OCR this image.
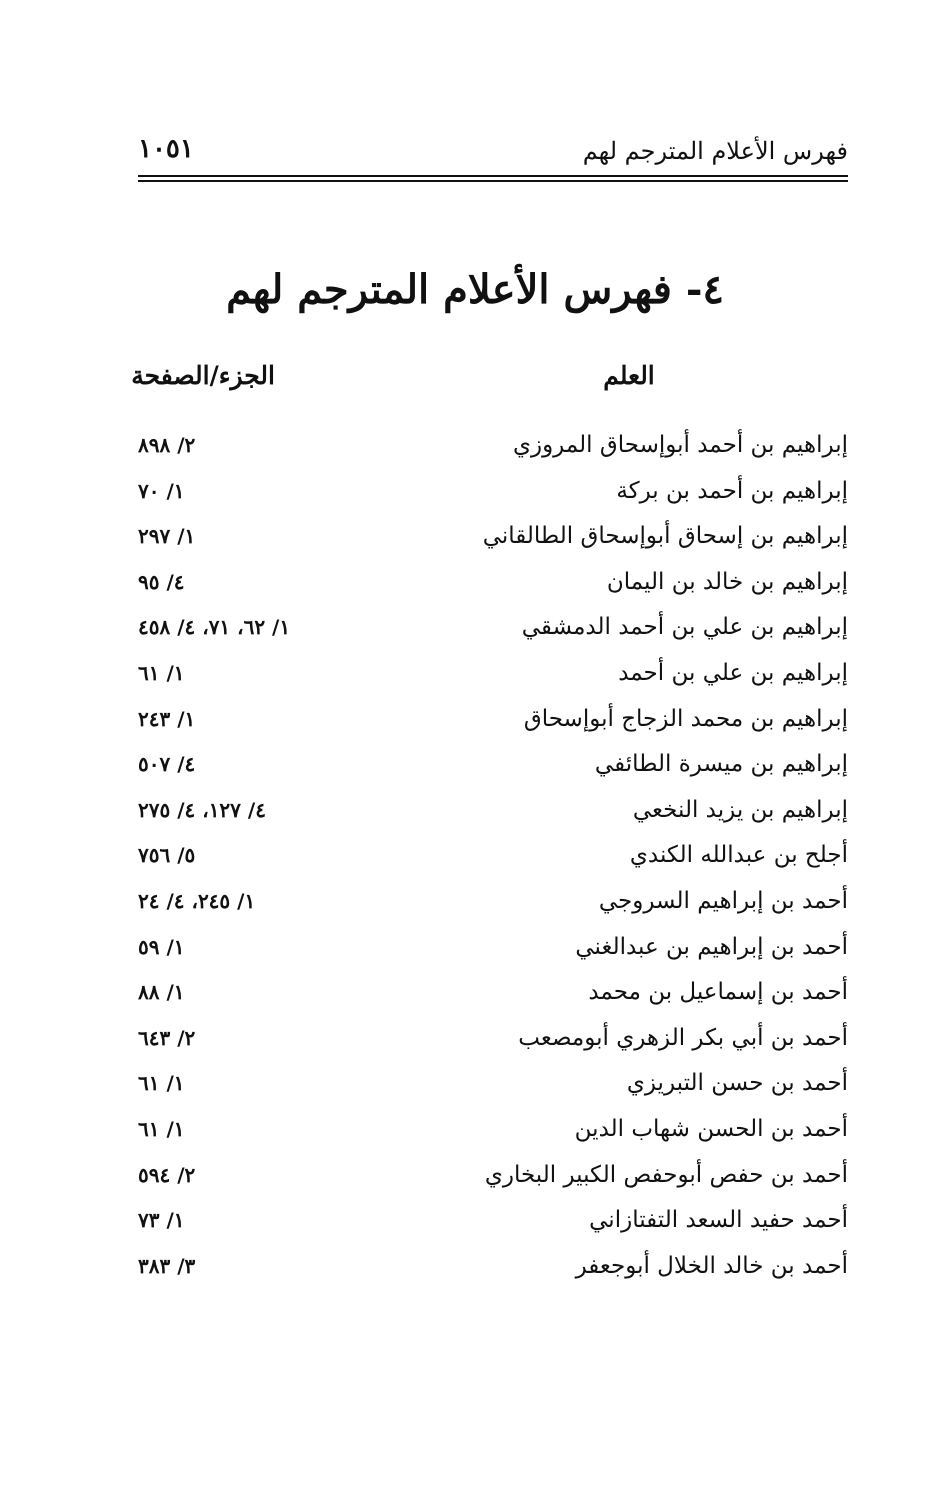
فهرس الأعلام المترجم لهم
١٠٥١
٤- فهرس الأعلام المترجم لهم
العلم
الجزء/الصفحة
إبراهيم بن أحمد أبوإسحاق المروزي
٢/ ٨٩٨
إبراهيم بن أحمد بن بركة
١/ ٧٠
إبراهيم بن إسحاق أبوإسحاق الطالقاني
١/ ٢٩٧
إبراهيم بن خالد بن اليمان
٤/ ٩٥
إبراهيم بن علي بن أحمد الدمشقي
١/ ٦٢، ٧١، ٤/ ٤٥٨
إبراهيم بن علي بن أحمد
١/ ٦١
إبراهيم بن محمد الزجاج أبوإسحاق
١/ ٢٤٣
إبراهيم بن ميسرة الطائفي
٤/ ٥٠٧
إبراهيم بن يزيد النخعي
٤/ ١٢٧، ٤/ ٢٧٥
أجلح بن عبدالله الكندي
٥/ ٧٥٦
أحمد بن إبراهيم السروجي
١/ ٢٤٥، ٤/ ٢٤
أحمد بن إبراهيم بن عبدالغني
١/ ٥٩
أحمد بن إسماعيل بن محمد
١/ ٨٨
أحمد بن أبي بكر الزهري أبومصعب
٢/ ٦٤٣
أحمد بن حسن التبريزي
١/ ٦١
أحمد بن الحسن شهاب الدين
١/ ٦١
أحمد بن حفص أبوحفص الكبير البخاري
٢/ ٥٩٤
أحمد حفيد السعد التفتازاني
١/ ٧٣
أحمد بن خالد الخلال أبوجعفر
٣/ ٣٨٣
